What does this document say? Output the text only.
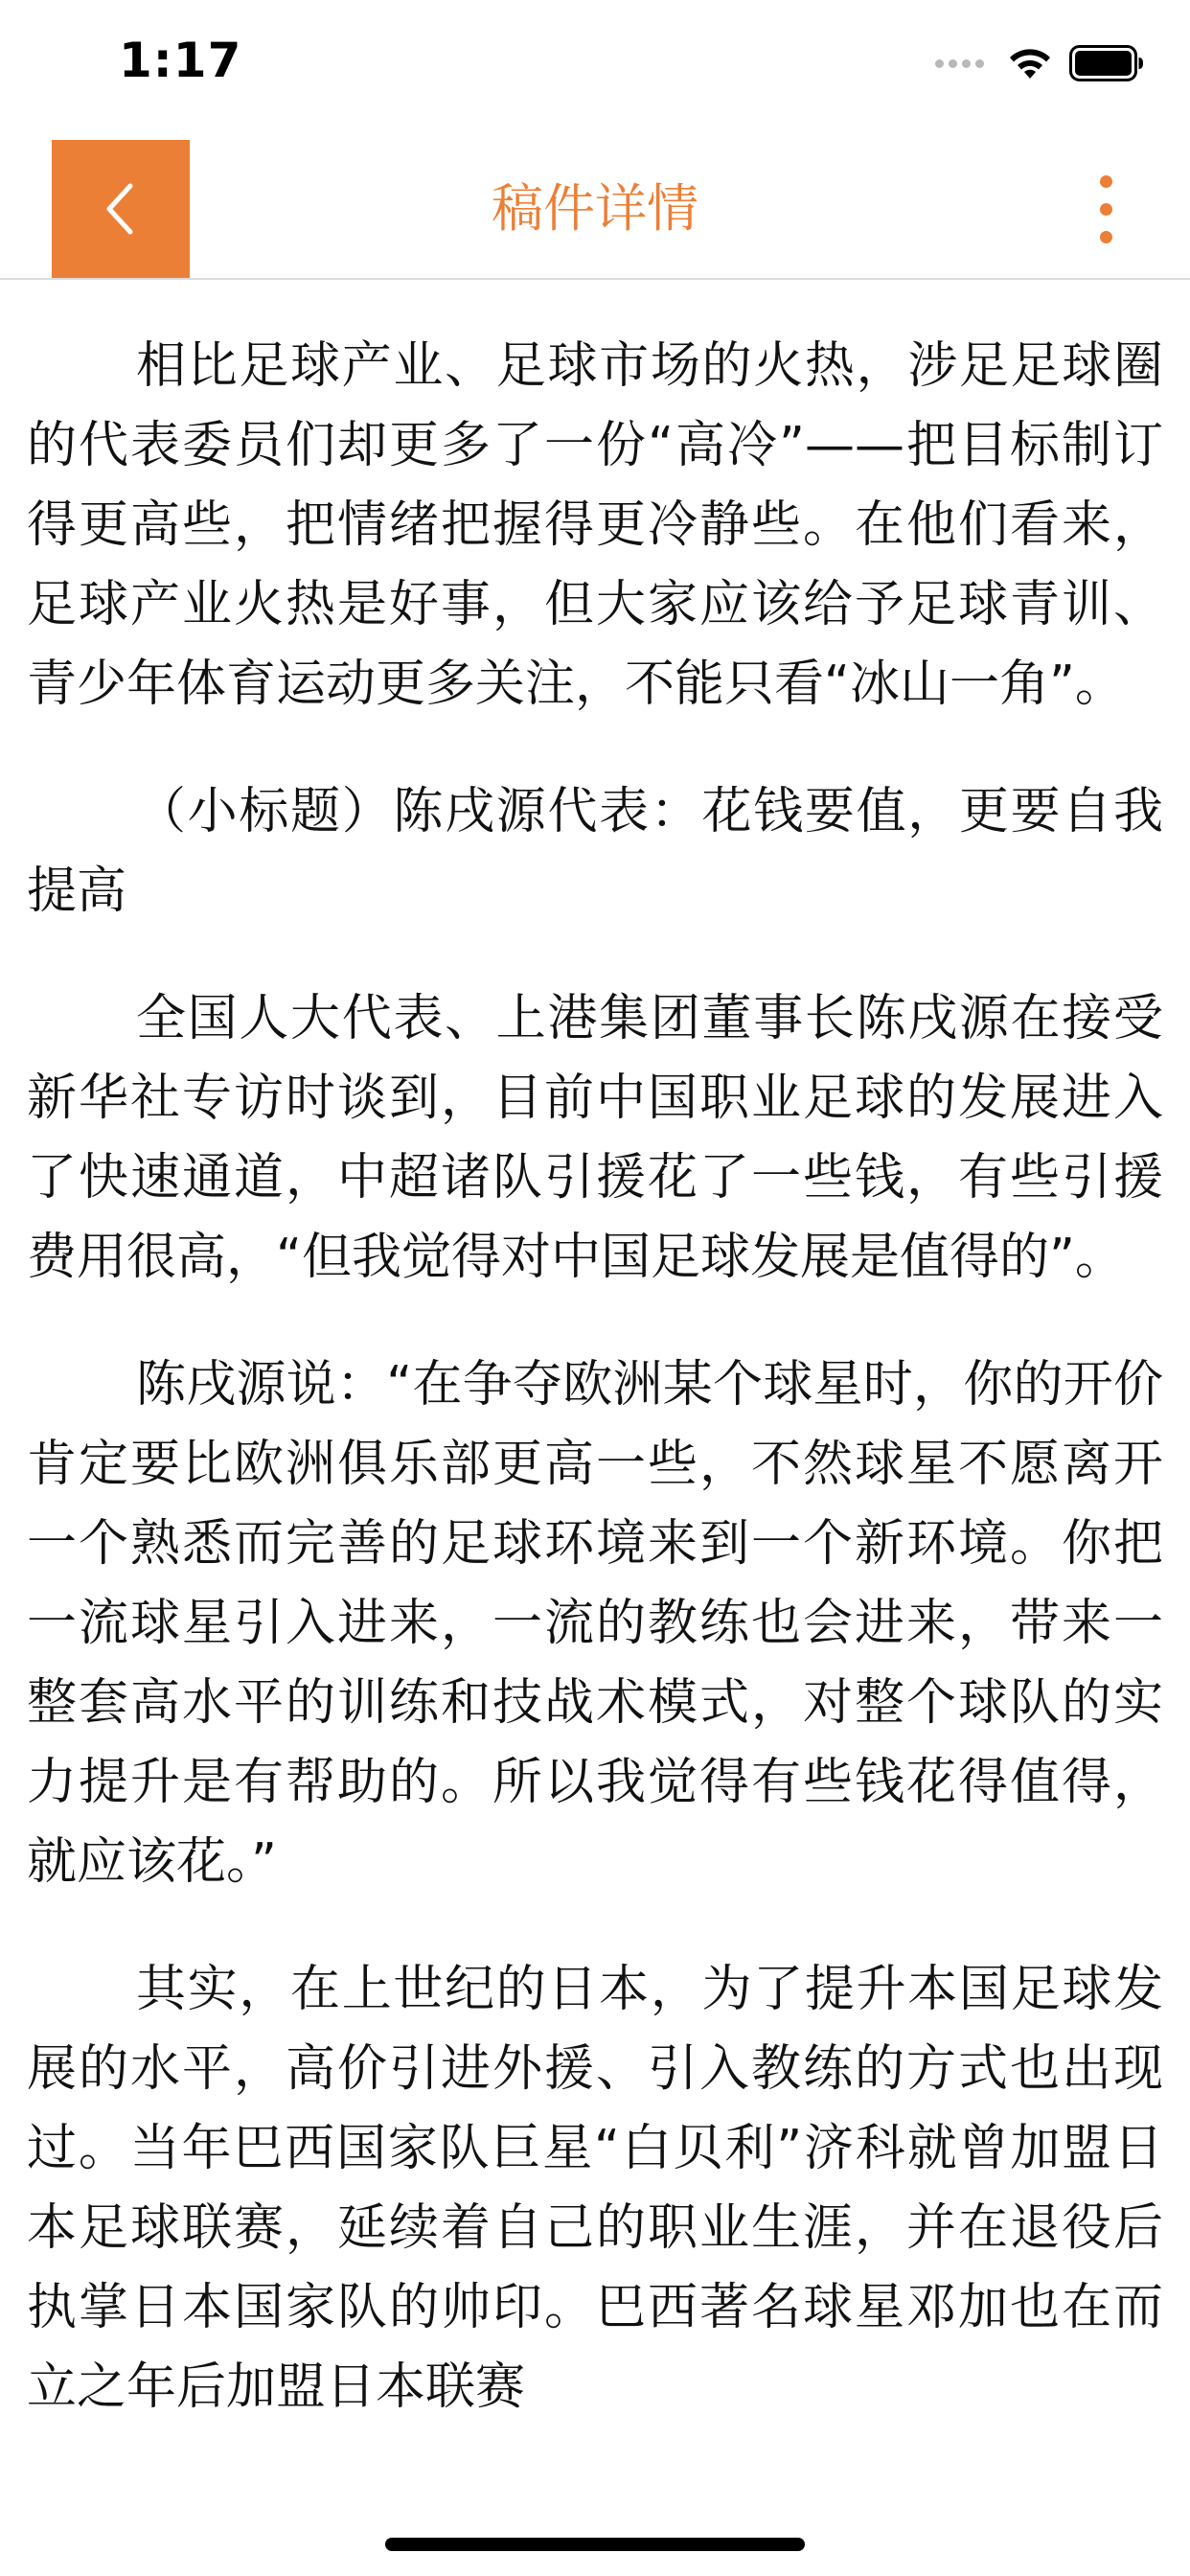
1:17
稿件详情

相比足球产业、足球市场的火热，涉足足球圈的代表委员们却更多了一份“高冷”——把目标制订得更高些，把情绪把握得更冷静些。在他们看来，足球产业火热是好事，但大家应该给予足球青训、青少年体育运动更多关注，不能只看“冰山一角”。

（小标题）陈戌源代表：花钱要值，更要自我提高

全国人大代表、上港集团董事长陈戌源在接受新华社专访时谈到，目前中国职业足球的发展进入了快速通道，中超诸队引援花了一些钱，有些引援费用很高，“但我觉得对中国足球发展是值得的”。

陈戌源说：“在争夺欧洲某个球星时，你的开价肯定要比欧洲俱乐部更高一些，不然球星不愿离开一个熟悉而完善的足球环境来到一个新环境。你把一流球星引入进来，一流的教练也会进来，带来一整套高水平的训练和技战术模式，对整个球队的实力提升是有帮助的。所以我觉得有些钱花得值得，就应该花。”

其实，在上世纪的日本，为了提升本国足球发展的水平，高价引进外援、引入教练的方式也出现过。当年巴西国家队巨星“白贝利”济科就曾加盟日本足球联赛，延续着自己的职业生涯，并在退役后执掌日本国家队的帅印。巴西著名球星邓加也在而立之年后加盟日本联赛
